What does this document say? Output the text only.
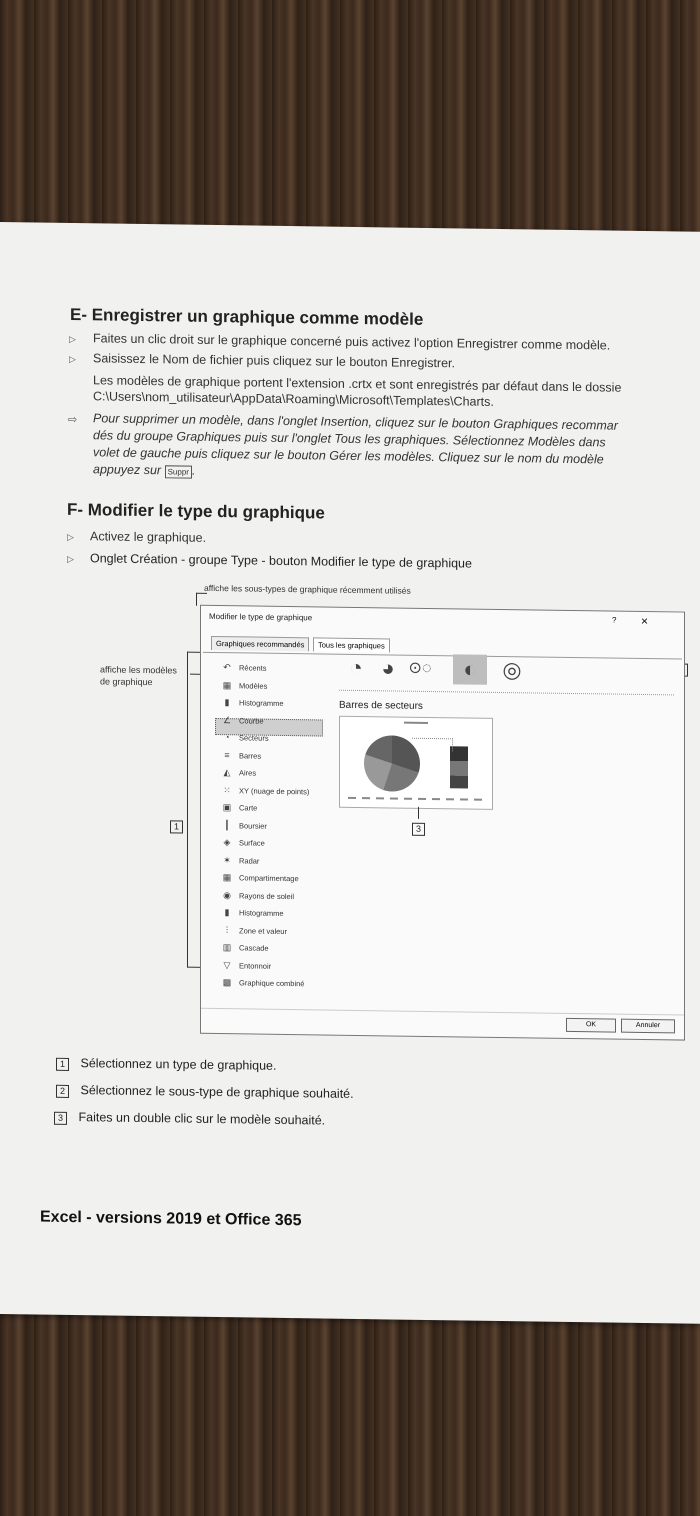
E- Enregistrer un graphique comme modèle
▷ Faites un clic droit sur le graphique concerné puis activez l'option Enregistrer comme modèle.
▷ Saisissez le Nom de fichier puis cliquez sur le bouton Enregistrer.
Les modèles de graphique portent l'extension .crtx et sont enregistrés par défaut dans le dossie
C:\Users\nom_utilisateur\AppData\Roaming\Microsoft\Templates\Charts.
⇨ Pour supprimer un modèle, dans l'onglet Insertion, cliquez sur le bouton Graphiques recommar
dés du groupe Graphiques puis sur l'onglet Tous les graphiques. Sélectionnez Modèles dans
volet de gauche puis cliquez sur le bouton Gérer les modèles. Cliquez sur le nom du modèle
appuyez sur Suppr .
F- Modifier le type du graphique
▷ Activez le graphique.
▷ Onglet Création - groupe Type - bouton Modifier le type de graphique
affiche les sous-types de graphique récemment utilisés
affiche les modèles
de graphique
1
Modifier le type de graphique	? ×
Graphiques recommandés	Tous les graphiques
↶ Récents
▦ Modèles
▮	Histogramme
∠ Courbe
◔	Secteurs
≡	Barres
◭	Aires
⁙ XY (nuage de points)
▣ Carte
┃	Boursier
◈	Surface
✶ Radar
▦ Compartimentage
◉ Rayons de soleil
▮	Histogramme
⫶	Zone et valeur
▥ Cascade
▽	Entonnoir
▩ Graphique combiné
◔ ◕ ⊙◌	◐	◎
Barres de secteurs
3
OK	Annuler
1 Sélectionnez un type de graphique.
2 Sélectionnez le sous-type de graphique souhaité.
3 Faites un double clic sur le modèle souhaité.
Excel - versions 2019 et Office 365
